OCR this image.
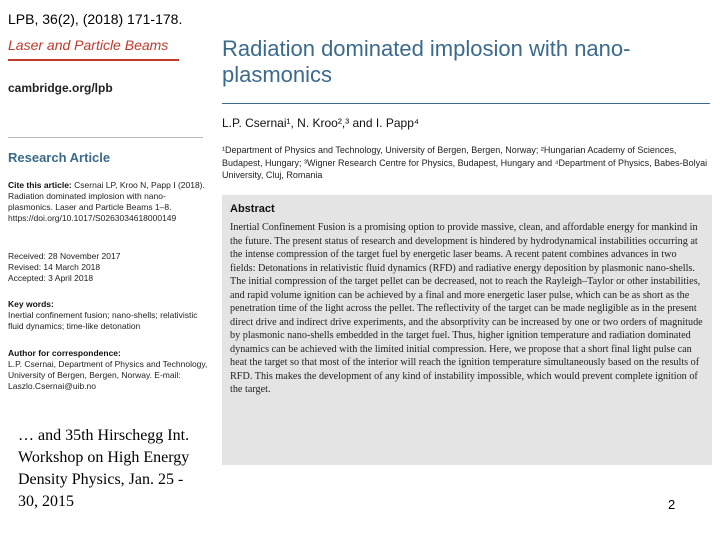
LPB, 36(2), (2018) 171-178.
Laser and Particle Beams
cambridge.org/lpb
Radiation dominated implosion with nano-plasmonics
L.P. Csernai¹, N. Kroo²,³ and I. Papp⁴
¹Department of Physics and Technology, University of Bergen, Bergen, Norway; ²Hungarian Academy of Sciences, Budapest, Hungary; ³Wigner Research Centre for Physics, Budapest, Hungary and ⁴Department of Physics, Babes-Bolyai University, Cluj, Romania
Research Article
Cite this article: Csernai LP, Kroo N, Papp I (2018). Radiation dominated implosion with nano-plasmonics. Laser and Particle Beams 1–8. https://doi.org/10.1017/S0263034618000149
Received: 28 November 2017
Revised: 14 March 2018
Accepted: 3 April 2018
Key words:
Inertial confinement fusion; nano-shells; relativistic fluid dynamics; time-like detonation
Author for correspondence:
L.P. Csernai, Department of Physics and Technology, University of Bergen, Bergen, Norway. E-mail: Laszlo.Csernai@uib.no
Abstract
Inertial Confinement Fusion is a promising option to provide massive, clean, and affordable energy for mankind in the future. The present status of research and development is hindered by hydrodynamical instabilities occurring at the intense compression of the target fuel by energetic laser beams. A recent patent combines advances in two fields: Detonations in relativistic fluid dynamics (RFD) and radiative energy deposition by plasmonic nano-shells. The initial compression of the target pellet can be decreased, not to reach the Rayleigh–Taylor or other instabilities, and rapid volume ignition can be achieved by a final and more energetic laser pulse, which can be as short as the penetration time of the light across the pellet. The reflectivity of the target can be made negligible as in the present direct drive and indirect drive experiments, and the absorptivity can be increased by one or two orders of magnitude by plasmonic nano-shells embedded in the target fuel. Thus, higher ignition temperature and radiation dominated dynamics can be achieved with the limited initial compression. Here, we propose that a short final light pulse can heat the target so that most of the interior will reach the ignition temperature simultaneously based on the results of RFD. This makes the development of any kind of instability impossible, which would prevent complete ignition of the target.
… and 35th Hirschegg Int. Workshop on High Energy Density Physics, Jan. 25 - 30, 2015	2
